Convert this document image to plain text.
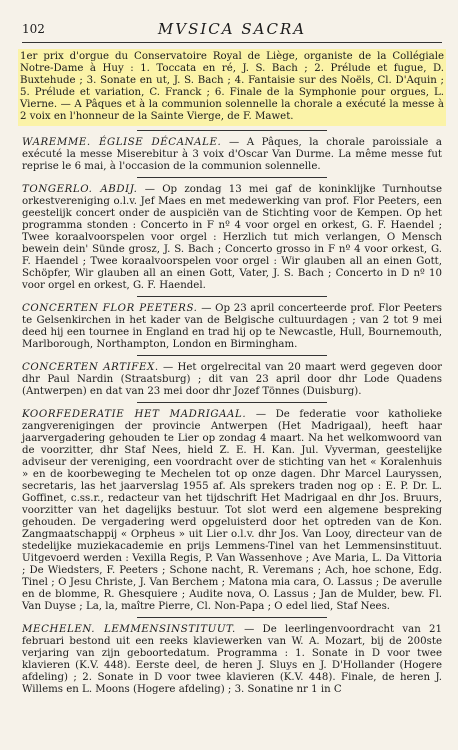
102	MVSICA SACRA

1er prix d'orgue du Conservatoire Royal de Liège, organiste de la Collégiale Notre-Dame à Huy : 1. Toccata en ré, J. S. Bach ; 2. Prélude et fugue, D. Buxtehude ; 3. Sonate en ut, J. S. Bach ; 4. Fantaisie sur des Noëls, Cl. D'Aquin ; 5. Prélude et variation, C. Franck ; 6. Finale de la Symphonie pour orgues, L. Vierne. — A Pâques et à la communion solennelle la chorale a exécuté la messe à 2 voix en l'honneur de la Sainte Vierge, de F. Mawet.

WAREMME. ÉGLISE DÉCANALE. — A Pâques, la chorale paroissiale a exécuté la messe Miserebitur à 3 voix d'Oscar Van Durme. La même messe fut reprise le 6 mai, à l'occasion de la communion solennelle.

TONGERLO. ABDIJ. — Op zondag 13 mei gaf de koninklijke Turnhoutse orkestvereniging o.l.v. Jef Maes en met medewerking van prof. Flor Peeters, een geestelijk concert onder de auspiciën van de Stichting voor de Kempen. Op het programma stonden : Concerto in F nº 4 voor orgel en orkest, G. F. Haendel ; Twee koraalvoorspelen voor orgel : Herzlich tut mich verlangen, O Mensch bewein dein' Sünde grosz, J. S. Bach ; Concerto grosso in F nº 4 voor orkest, G. F. Haendel ; Twee koraalvoorspelen voor orgel : Wir glauben all an einen Gott, Schöpfer, Wir glauben all an einen Gott, Vater, J. S. Bach ; Concerto in D nº 10 voor orgel en orkest, G. F. Haendel.

CONCERTEN FLOR PEETERS. — Op 23 april concerteerde prof. Flor Peeters te Gelsenkirchen in het kader van de Belgische cultuurdagen ; van 2 tot 9 mei deed hij een tournee in England en trad hij op te Newcastle, Hull, Bournemouth, Marlborough, Northampton, London en Birmingham.

CONCERTEN ARTIFEX. — Het orgelrecital van 20 maart werd gegeven door dhr Paul Nardin (Straatsburg) ; dit van 23 april door dhr Lode Quadens (Antwerpen) en dat van 23 mei door dhr Jozef Tönnes (Duisburg).

KOORFEDERATIE HET MADRIGAAL. — De federatie voor katholieke zangverenigingen der provincie Antwerpen (Het Madrigaal), heeft haar jaarvergadering gehouden te Lier op zondag 4 maart. Na het welkomwoord van de voorzitter, dhr Staf Nees, hield Z. E. H. Kan. Jul. Vyverman, geestelijke adviseur der vereniging, een voordracht over de stichting van het « Koralenhuis » en de koorbeweging te Mechelen tot op onze dagen. Dhr Marcel Lauryssen, secretaris, las het jaarverslag 1955 af. Als sprekers traden nog op : E. P. Dr. L. Goffinet, c.ss.r., redacteur van het tijdschrift Het Madrigaal en dhr Jos. Bruurs, voorzitter van het dagelijks bestuur. Tot slot werd een algemene bespreking gehouden. De vergadering werd opgeluisterd door het optreden van de Kon. Zangmaatschappij « Orpheus » uit Lier o.l.v. dhr Jos. Van Looy, directeur van de stedelijke muziekacademie en prijs Lemmens-Tinel van het Lemmensinstituut. Uitgevoerd werden : Vexilla Regis, P. Van Wassenhove ; Ave Maria, L. Da Vittoria ; De Wiedsters, F. Peeters ; Schone nacht, R. Veremans ; Ach, hoe schone, Edg. Tinel ; O Jesu Christe, J. Van Berchem ; Matona mia cara, O. Lassus ; De averulle en de blomme, R. Ghesquiere ; Audite nova, O. Lassus ; Jan de Mulder, bew. Fl. Van Duyse ; La, la, maître Pierre, Cl. Non-Papa ; O edel lied, Staf Nees.

MECHELEN. LEMMENSINSTITUUT. — De leerlingenvoordracht van 21 februari bestond uit een reeks klaviewerken van W. A. Mozart, bij de 200ste verjaring van zijn geboortedatum. Programma : 1. Sonate in D voor twee klavieren (K.V. 448). Eerste deel, de heren J. Sluys en J. D'Hollander (Hogere afdeling) ; 2. Sonate in D voor twee klavieren (K.V. 448). Finale, de heren J. Willems en L. Moons (Hogere afdeling) ; 3. Sonatine nr 1 in C
